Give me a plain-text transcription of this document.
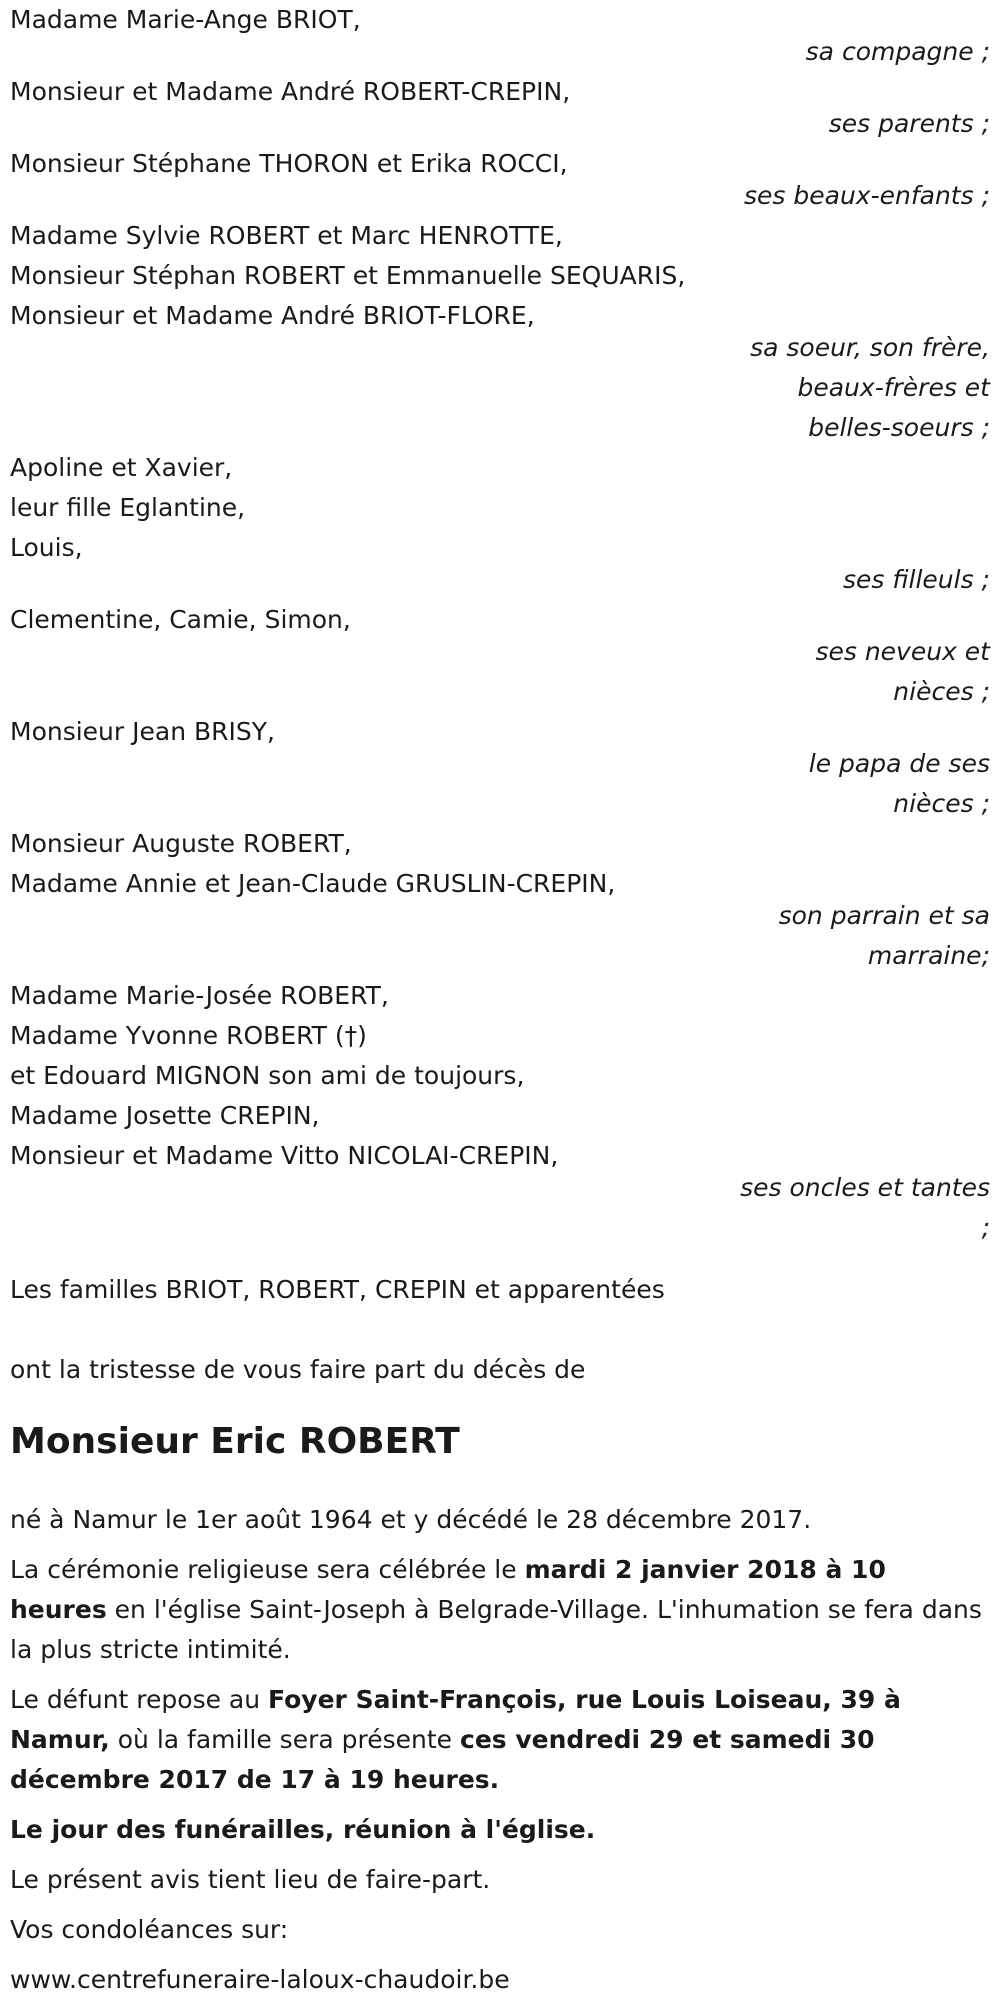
Madame Marie-Ange BRIOT,
sa compagne ;
Monsieur et Madame André ROBERT-CREPIN,
ses parents ;
Monsieur Stéphane THORON et Erika ROCCI,
ses beaux-enfants ;
Madame Sylvie ROBERT et Marc HENROTTE,
Monsieur Stéphan ROBERT et Emmanuelle SEQUARIS,
Monsieur et Madame André BRIOT-FLORE,
sa soeur, son frère,
beaux-frères et
belles-soeurs ;
Apoline et Xavier,
leur fille Eglantine,
Louis,
ses filleuls ;
Clementine, Camie, Simon,
ses neveux et
nièces ;
Monsieur Jean BRISY,
le papa de ses
nièces ;
Monsieur Auguste ROBERT,
Madame Annie et Jean-Claude GRUSLIN-CREPIN,
son parrain et sa
marraine;
Madame Marie-Josée ROBERT,
Madame Yvonne ROBERT (†)
et Edouard MIGNON son ami de toujours,
Madame Josette CREPIN,
Monsieur et Madame Vitto NICOLAI-CREPIN,
ses oncles et tantes
;
Les familles BRIOT, ROBERT, CREPIN et apparentées
ont la tristesse de vous faire part du décès de
Monsieur Eric ROBERT

né à Namur le 1er août 1964 et y décédé le 28 décembre 2017.

La cérémonie religieuse sera célébrée le mardi 2 janvier 2018 à 10 heures en l'église Saint-Joseph à Belgrade-Village. L'inhumation se fera dans la plus stricte intimité.

Le défunt repose au Foyer Saint-François, rue Louis Loiseau, 39 à Namur, où la famille sera présente ces vendredi 29 et samedi 30 décembre 2017 de 17 à 19 heures.

Le jour des funérailles, réunion à l'église.

Le présent avis tient lieu de faire-part.

Vos condoléances sur:

www.centrefuneraire-laloux-chaudoir.be
